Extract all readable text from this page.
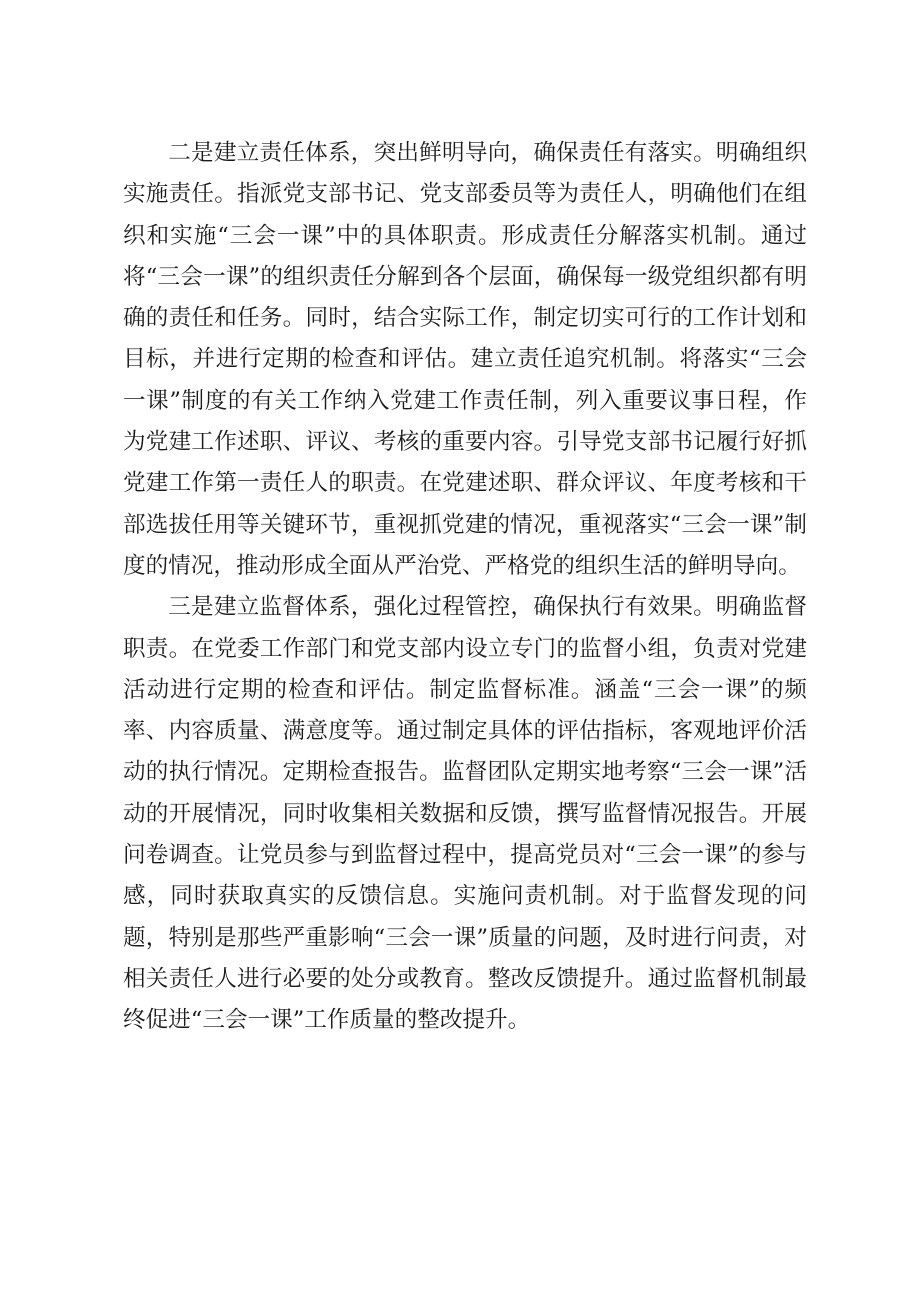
二是建立责任体系，突出鲜明导向，确保责任有落实。明确组织实施责任。指派党支部书记、党支部委员等为责任人，明确他们在组织和实施“三会一课”中的具体职责。形成责任分解落实机制。通过将“三会一课”的组织责任分解到各个层面，确保每一级党组织都有明确的责任和任务。同时，结合实际工作，制定切实可行的工作计划和目标，并进行定期的检查和评估。建立责任追究机制。将落实“三会一课”制度的有关工作纳入党建工作责任制，列入重要议事日程，作为党建工作述职、评议、考核的重要内容。引导党支部书记履行好抓党建工作第一责任人的职责。在党建述职、群众评议、年度考核和干部选拔任用等关键环节，重视抓党建的情况，重视落实“三会一课”制度的情况，推动形成全面从严治党、严格党的组织生活的鲜明导向。

三是建立监督体系，强化过程管控，确保执行有效果。明确监督职责。在党委工作部门和党支部内设立专门的监督小组，负责对党建活动进行定期的检查和评估。制定监督标准。涵盖“三会一课”的频率、内容质量、满意度等。通过制定具体的评估指标，客观地评价活动的执行情况。定期检查报告。监督团队定期实地考察“三会一课”活动的开展情况，同时收集相关数据和反馈，撰写监督情况报告。开展问卷调查。让党员参与到监督过程中，提高党员对“三会一课”的参与感，同时获取真实的反馈信息。实施问责机制。对于监督发现的问题，特别是那些严重影响“三会一课”质量的问题，及时进行问责，对相关责任人进行必要的处分或教育。整改反馈提升。通过监督机制最终促进“三会一课”工作质量的整改提升。
